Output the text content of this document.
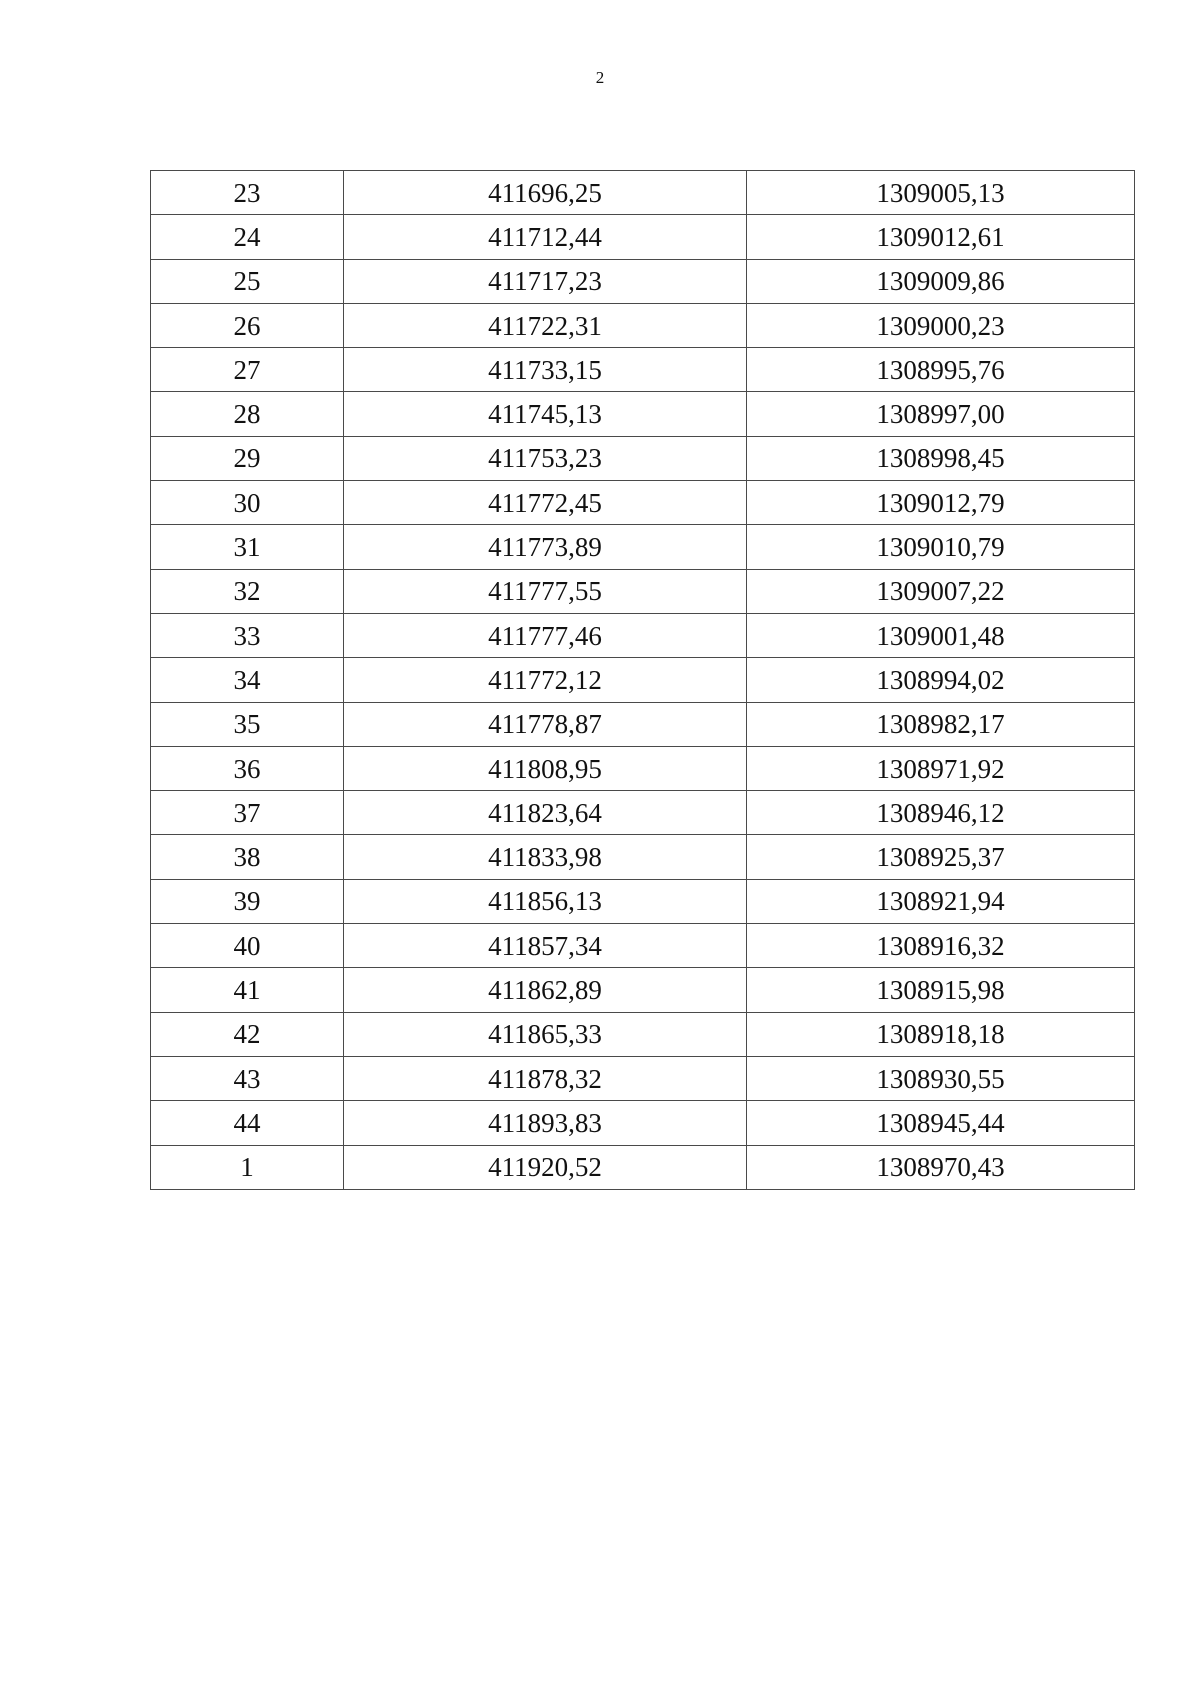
2
23	411696,25	1309005,13
24	411712,44	1309012,61
25	411717,23	1309009,86
26	411722,31	1309000,23
27	411733,15	1308995,76
28	411745,13	1308997,00
29	411753,23	1308998,45
30	411772,45	1309012,79
31	411773,89	1309010,79
32	411777,55	1309007,22
33	411777,46	1309001,48
34	411772,12	1308994,02
35	411778,87	1308982,17
36	411808,95	1308971,92
37	411823,64	1308946,12
38	411833,98	1308925,37
39	411856,13	1308921,94
40	411857,34	1308916,32
41	411862,89	1308915,98
42	411865,33	1308918,18
43	411878,32	1308930,55
44	411893,83	1308945,44
1	411920,52	1308970,43
